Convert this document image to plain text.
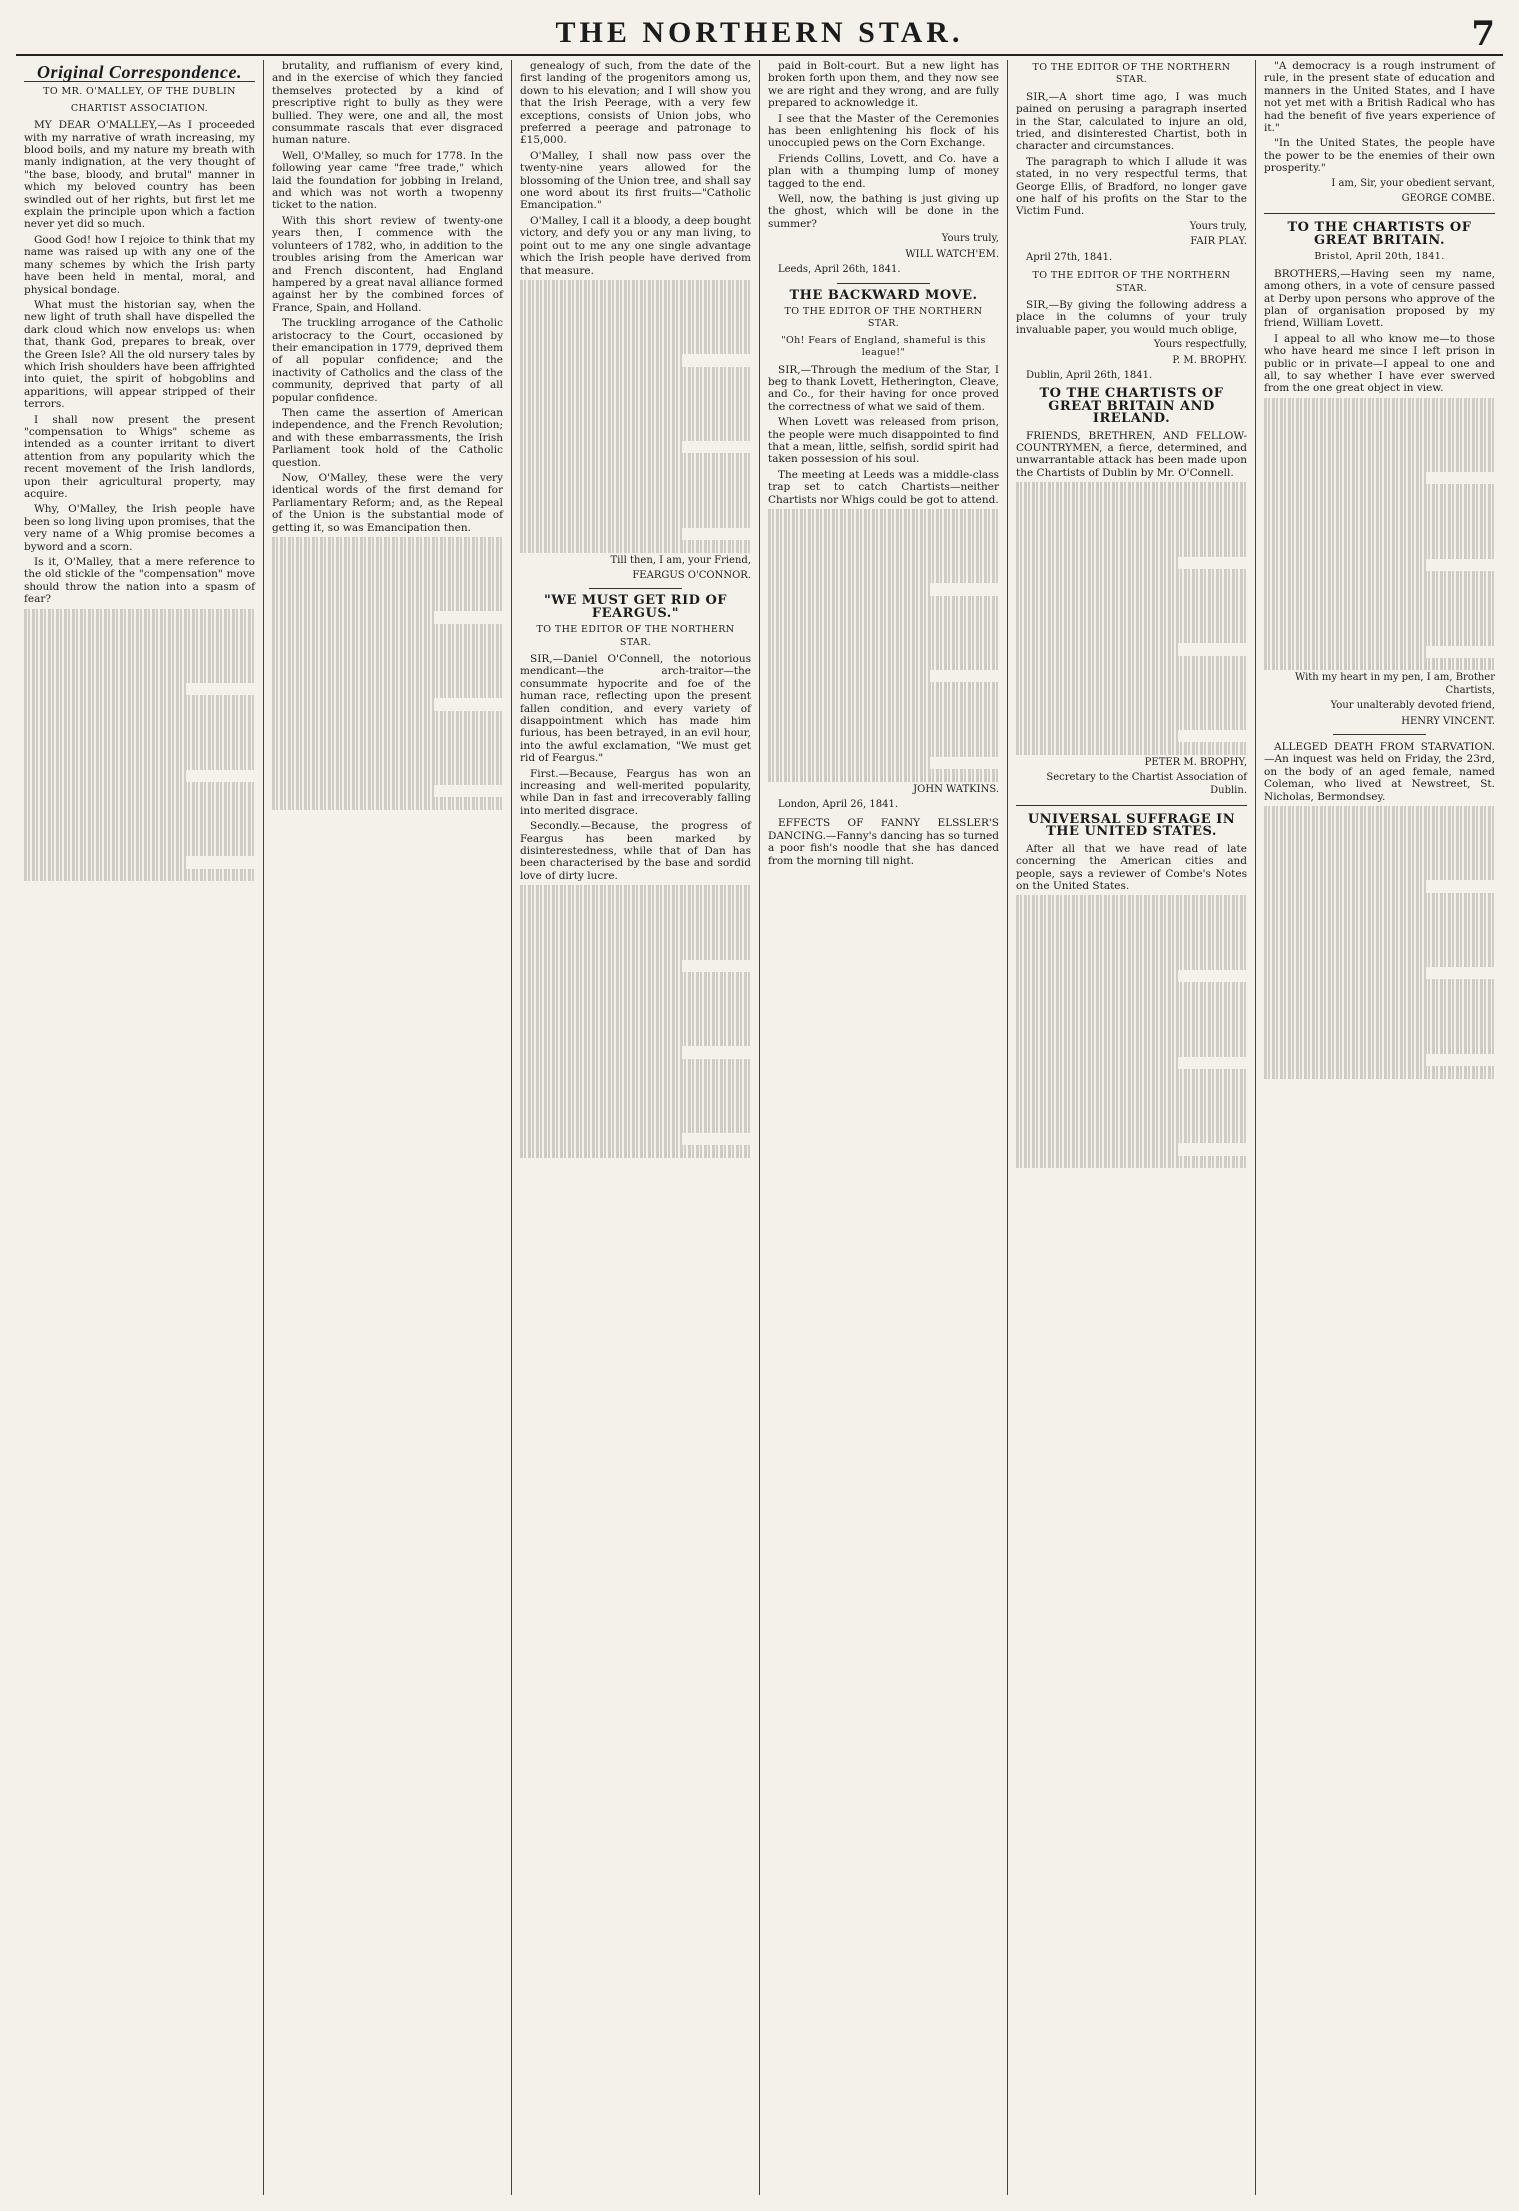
THE NORTHERN STAR.	7
Original Correspondence.
TO MR. O'MALLEY, OF THE DUBLIN
CHARTIST ASSOCIATION.

MY DEAR O'MALLEY,—As I proceeded with my narrative of wrath increasing, my blood boils, and my nature my breath with manly indignation, at the very thought of "the base, bloody, and brutal" manner in which my beloved country has been swindled out of her rights, but first let me explain the principle upon which a faction never yet did so much.

Good God! how I rejoice to think that my name was raised up with any one of the many schemes by which the Irish party have been held in mental, moral, and physical bondage.

What must the historian say, when the new light of truth shall have dispelled the dark cloud which now envelops us: when that, thank God, prepares to break, over the Green Isle? All the old nursery tales by which Irish shoulders have been affrighted into quiet, the spirit of hobgoblins and apparitions, will appear stripped of their terrors.

I shall now present the present "compensation to Whigs" scheme as intended as a counter irritant to divert attention from any popularity which the recent movement of the Irish landlords, upon their agricultural property, may acquire.

Why, O'Malley, the Irish people have been so long living upon promises, that the very name of a Whig promise becomes a byword and a scorn.

Is it, O'Malley, that a mere reference to the old stickle of the "compensation" move should throw the nation into a spasm of fear?

brutality, and ruffianism of every kind, and in the exercise of which they fancied themselves protected by a kind of prescriptive right to bully as they were bullied. They were, one and all, the most consummate rascals that ever disgraced human nature.

Well, O'Malley, so much for 1778. In the following year came "free trade," which laid the foundation for jobbing in Ireland, and which was not worth a twopenny ticket to the nation.

With this short review of twenty-one years then, I commence with the volunteers of 1782, who, in addition to the troubles arising from the American war and French discontent, had England hampered by a great naval alliance formed against her by the combined forces of France, Spain, and Holland.

The truckling arrogance of the Catholic aristocracy to the Court, occasioned by their emancipation in 1779, deprived them of all popular confidence; and the inactivity of Catholics and the class of the community, deprived that party of all popular confidence.

Then came the assertion of American independence, and the French Revolution; and with these embarrassments, the Irish Parliament took hold of the Catholic question.

Now, O'Malley, these were the very identical words of the first demand for Parliamentary Reform; and, as the Repeal of the Union is the substantial mode of getting it, so was Emancipation then.

genealogy of such, from the date of the first landing of the progenitors among us, down to his elevation; and I will show you that the Irish Peerage, with a very few exceptions, consists of Union jobs, who preferred a peerage and patronage to £15,000.

O'Malley, I shall now pass over the twenty-nine years allowed for the blossoming of the Union tree, and shall say one word about its first fruits—"Catholic Emancipation."

O'Malley, I call it a bloody, a deep bought victory, and defy you or any man living, to point out to me any one single advantage which the Irish people have derived from that measure.

Till then, I am, your Friend,
FEARGUS O'CONNOR.
"WE MUST GET RID OF FEARGUS."
TO THE EDITOR OF THE NORTHERN STAR.

SIR,—Daniel O'Connell, the notorious mendicant—the arch-traitor—the consummate hypocrite and foe of the human race, reflecting upon the present fallen condition, and every variety of disappointment which has made him furious, has been betrayed, in an evil hour, into the awful exclamation, "We must get rid of Feargus."

First.—Because, Feargus has won an increasing and well-merited popularity, while Dan in fast and irrecoverably falling into merited disgrace.

Secondly.—Because, the progress of Feargus has been marked by disinterestedness, while that of Dan has been characterised by the base and sordid love of dirty lucre.

paid in Bolt-court. But a new light has broken forth upon them, and they now see we are right and they wrong, and are fully prepared to acknowledge it.

I see that the Master of the Ceremonies has been enlightening his flock of his unoccupied pews on the Corn Exchange.

Friends Collins, Lovett, and Co. have a plan with a thumping lump of money tagged to the end.

Well, now, the bathing is just giving up the ghost, which will be done in the summer?

Yours truly,
WILL WATCH'EM.
Leeds, April 26th, 1841.
THE BACKWARD MOVE.
TO THE EDITOR OF THE NORTHERN STAR.
"Oh! Fears of England, shameful is this league!"

SIR,—Through the medium of the Star, I beg to thank Lovett, Hetherington, Cleave, and Co., for their having for once proved the correctness of what we said of them.

When Lovett was released from prison, the people were much disappointed to find that a mean, little, selfish, sordid spirit had taken possession of his soul.

The meeting at Leeds was a middle-class trap set to catch Chartists—neither Chartists nor Whigs could be got to attend.

JOHN WATKINS.
London, April 26, 1841.

EFFECTS OF FANNY ELSSLER'S DANCING.—Fanny's dancing has so turned a poor fish's noodle that she has danced from the morning till night.

TO THE EDITOR OF THE NORTHERN STAR.

SIR,—A short time ago, I was much pained on perusing a paragraph inserted in the Star, calculated to injure an old, tried, and disinterested Chartist, both in character and circumstances.

The paragraph to which I allude it was stated, in no very respectful terms, that George Ellis, of Bradford, no longer gave one half of his profits on the Star to the Victim Fund.

Yours truly,
FAIR PLAY.
April 27th, 1841.
TO THE EDITOR OF THE NORTHERN STAR.

SIR,—By giving the following address a place in the columns of your truly invaluable paper, you would much oblige,

Yours respectfully,
P. M. BROPHY.
Dublin, April 26th, 1841.
TO THE CHARTISTS OF GREAT BRITAIN AND IRELAND.

FRIENDS, BRETHREN, AND FELLOW-COUNTRYMEN, a fierce, determined, and unwarrantable attack has been made upon the Chartists of Dublin by Mr. O'Connell.

PETER M. BROPHY,
Secretary to the Chartist Association of Dublin.
UNIVERSAL SUFFRAGE IN THE UNITED STATES.

After all that we have read of late concerning the American cities and people, says a reviewer of Combe's Notes on the United States.

"A democracy is a rough instrument of rule, in the present state of education and manners in the United States, and I have not yet met with a British Radical who has had the benefit of five years experience of it."

"In the United States, the people have the power to be the enemies of their own prosperity."

I am, Sir, your obedient servant,
GEORGE COMBE.
TO THE CHARTISTS OF GREAT BRITAIN.
Bristol, April 20th, 1841.

BROTHERS,—Having seen my name, among others, in a vote of censure passed at Derby upon persons who approve of the plan of organisation proposed by my friend, William Lovett.

I appeal to all who know me—to those who have heard me since I left prison in public or in private—I appeal to one and all, to say whether I have ever swerved from the one great object in view.

With my heart in my pen, I am, Brother Chartists,
Your unalterably devoted friend,
HENRY VINCENT.

ALLEGED DEATH FROM STARVATION.—An inquest was held on Friday, the 23rd, on the body of an aged female, named Coleman, who lived at Newstreet, St. Nicholas, Bermondsey.
